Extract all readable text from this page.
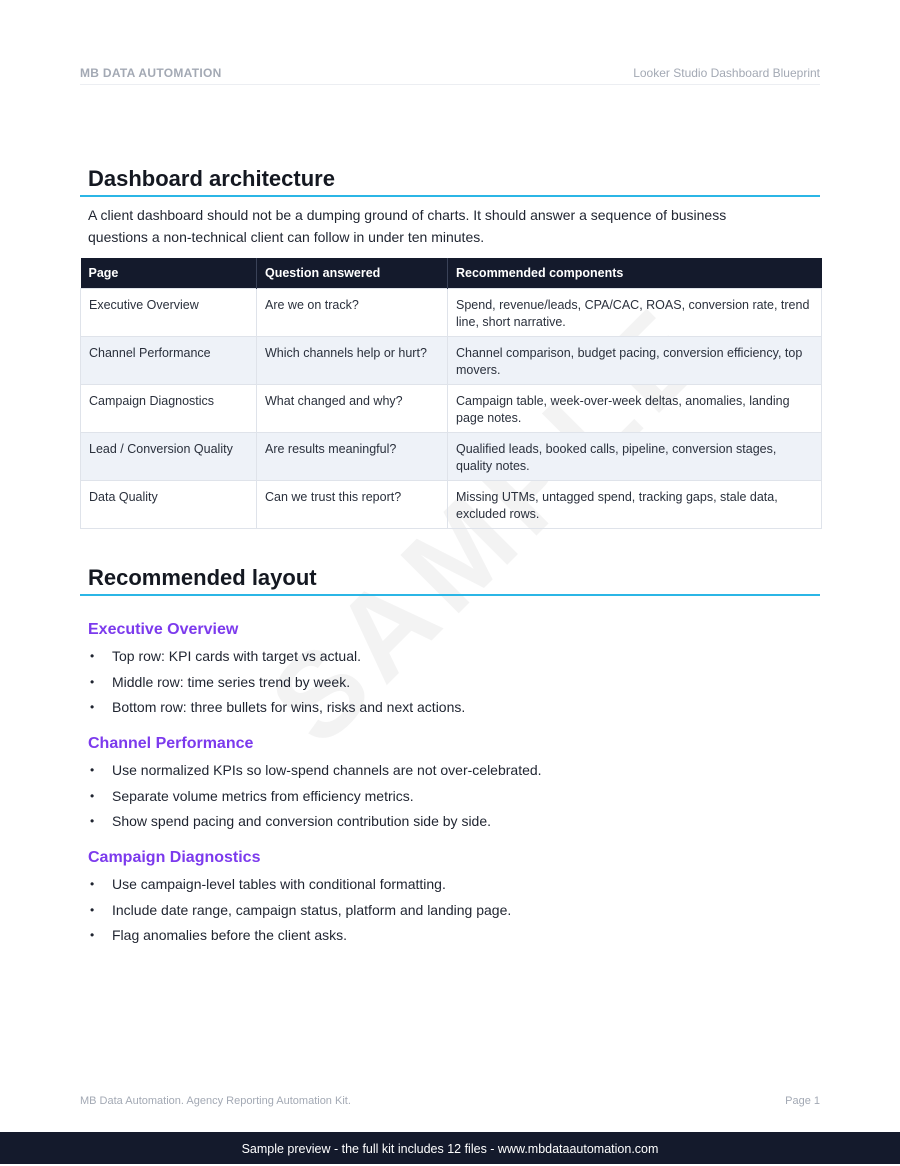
MB DATA AUTOMATION	Looker Studio Dashboard Blueprint
Dashboard architecture

A client dashboard should not be a dumping ground of charts. It should answer a sequence of business questions a non-technical client can follow in under ten minutes.

Page	Question answered	Recommended components
Executive Overview	Are we on track?	Spend, revenue/leads, CPA/CAC, ROAS, conversion rate, trend line, short narrative.
Channel Performance	Which channels help or hurt?	Channel comparison, budget pacing, conversion efficiency, top movers.
Campaign Diagnostics	What changed and why?	Campaign table, week-over-week deltas, anomalies, landing page notes.
Lead / Conversion Quality	Are results meaningful?	Qualified leads, booked calls, pipeline, conversion stages, quality notes.
Data Quality	Can we trust this report?	Missing UTMs, untagged spend, tracking gaps, stale data, excluded rows.
Recommended layout
Executive Overview
• Top row: KPI cards with target vs actual.
• Middle row: time series trend by week.
• Bottom row: three bullets for wins, risks and next actions.
Channel Performance
• Use normalized KPIs so low-spend channels are not over-celebrated.
• Separate volume metrics from efficiency metrics.
• Show spend pacing and conversion contribution side by side.
Campaign Diagnostics
• Use campaign-level tables with conditional formatting.
• Include date range, campaign status, platform and landing page.
• Flag anomalies before the client asks.
MB Data Automation. Agency Reporting Automation Kit.	Page 1
Sample preview - the full kit includes 12 files - www.mbdataautomation.com
